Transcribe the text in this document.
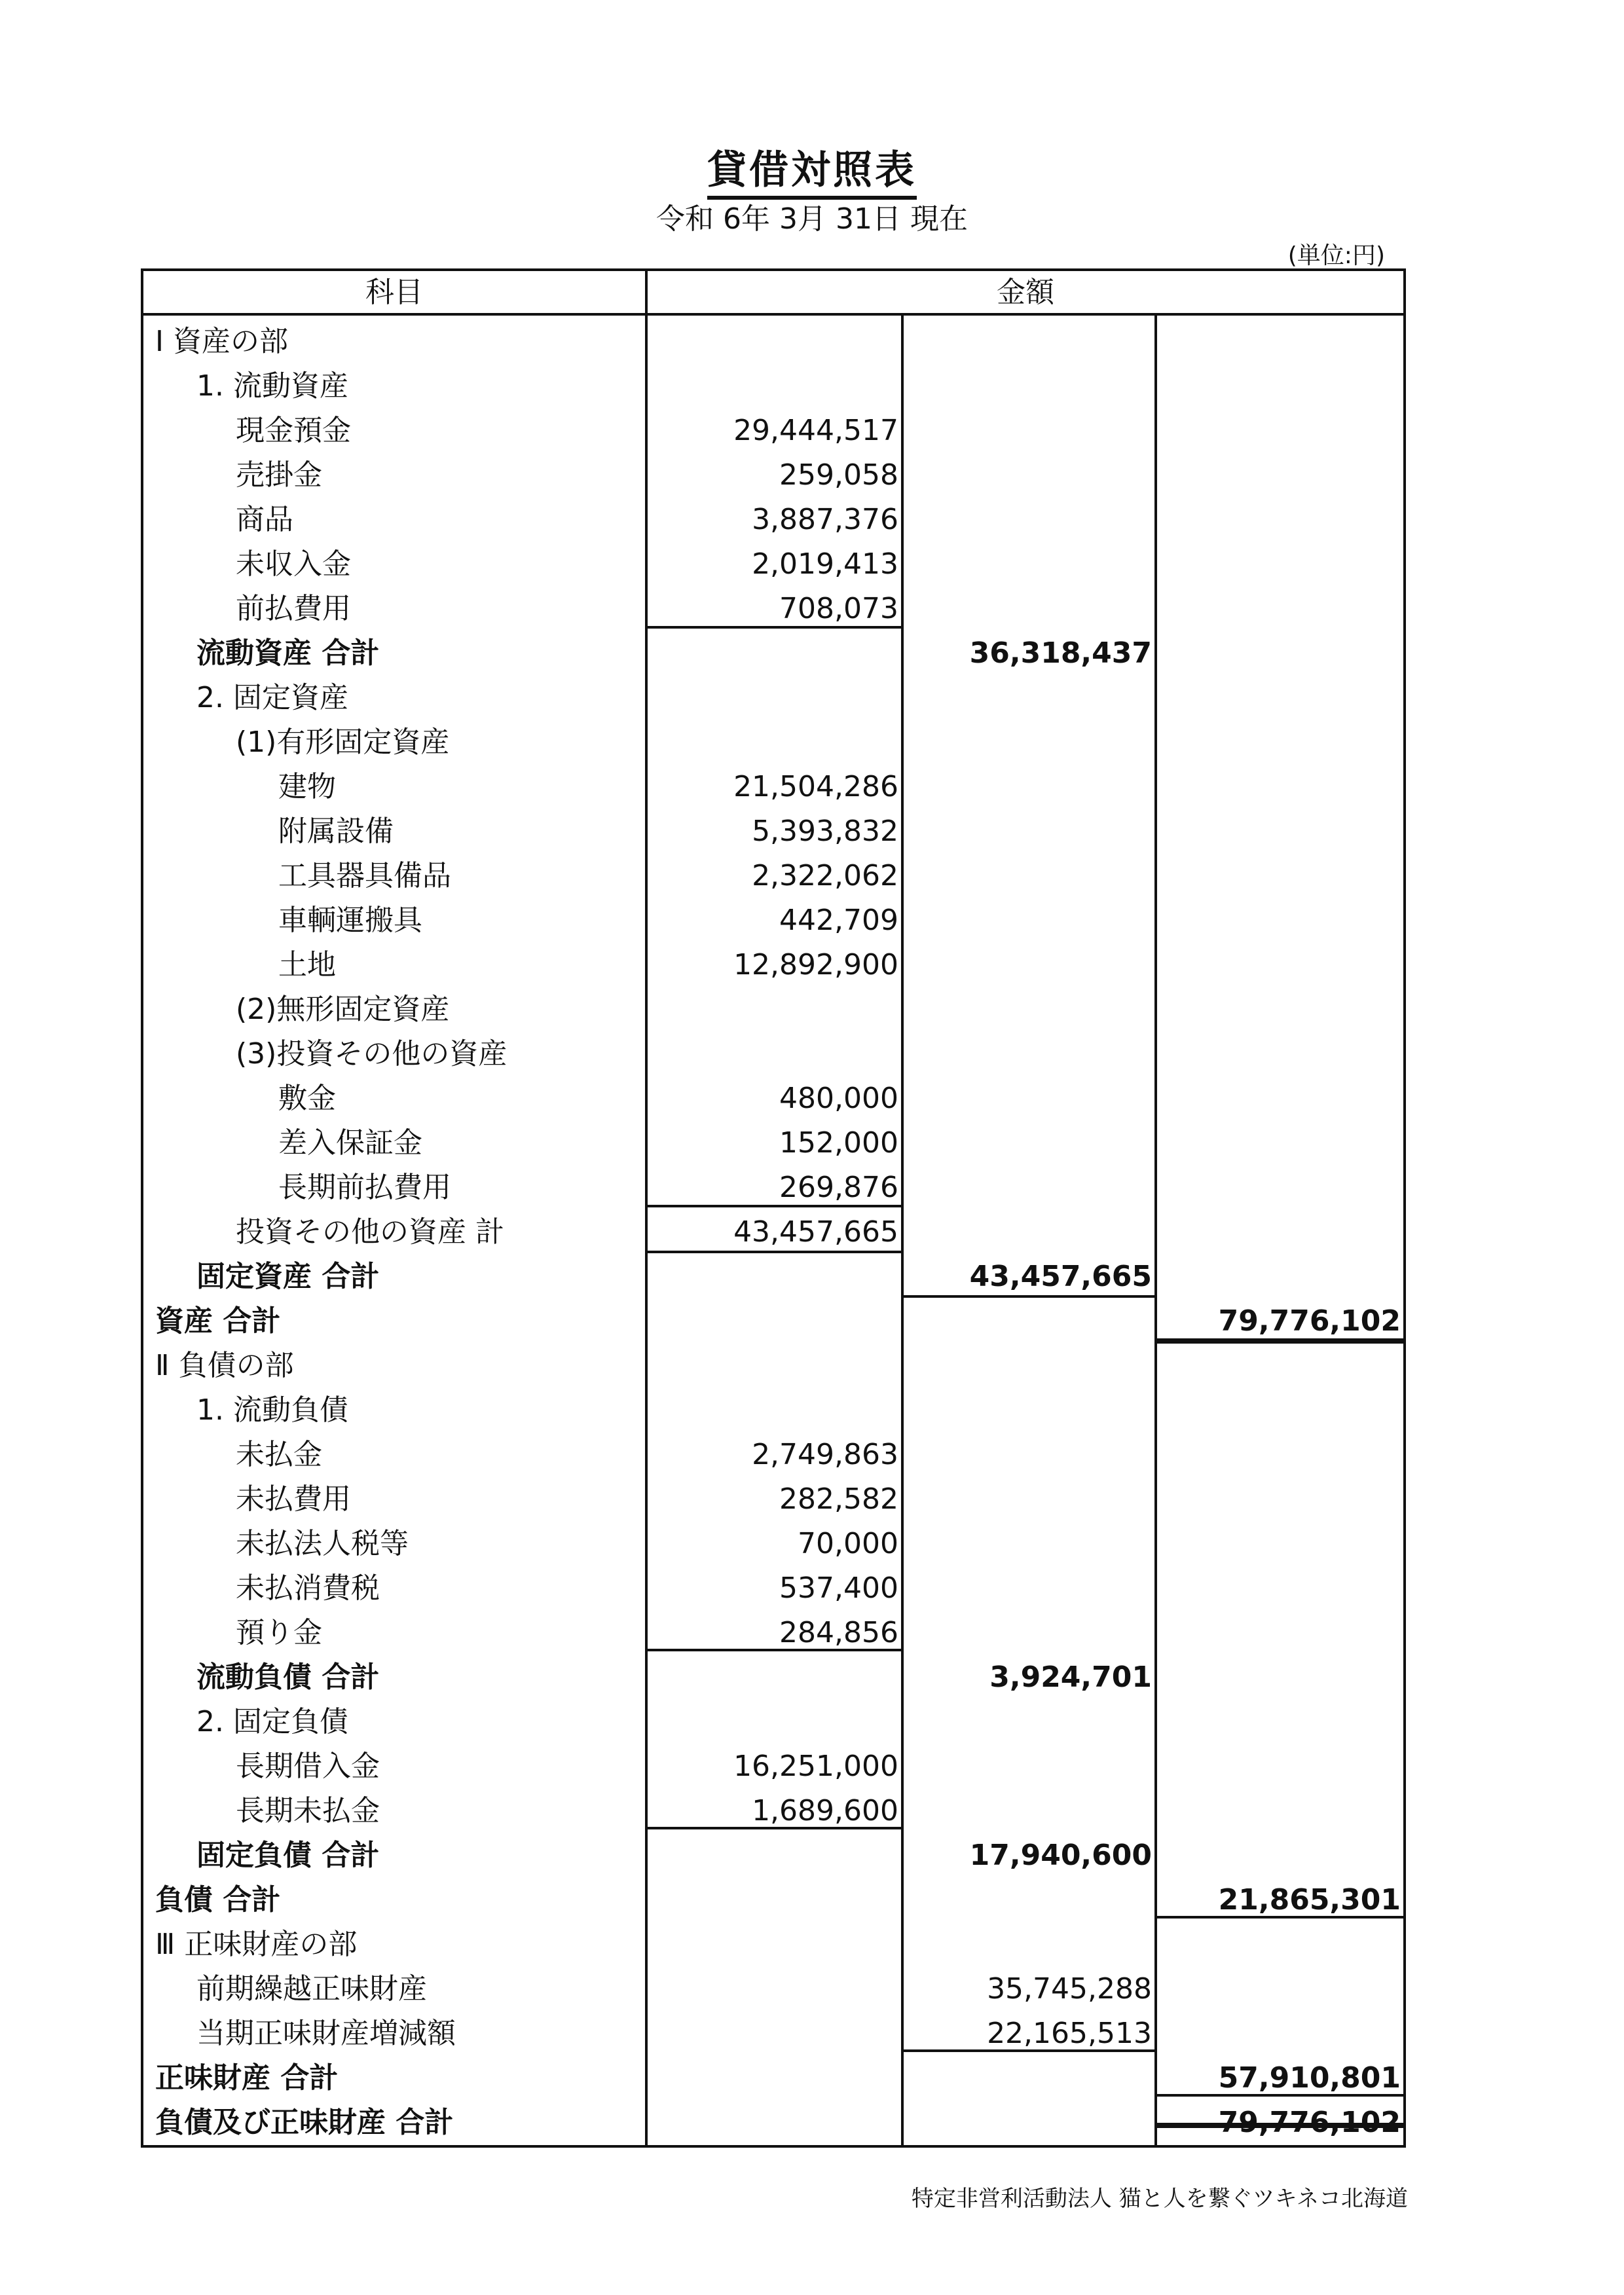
貸借対照表
令和 6年 3月 31日 現在
(単位:円)
科目	金額
Ⅰ 資産の部
1. 流動資産
現金預金	29,444,517
売掛金	259,058
商品	3,887,376
未収入金	2,019,413
前払費用	708,073
流動資産 合計	36,318,437
2. 固定資産
(1)有形固定資産
建物	21,504,286
附属設備	5,393,832
工具器具備品	2,322,062
車輌運搬具	442,709
土地	12,892,900
(2)無形固定資産
(3)投資その他の資産
敷金	480,000
差入保証金	152,000
長期前払費用	269,876
投資その他の資産 計	43,457,665
固定資産 合計	43,457,665
資産 合計	79,776,102
Ⅱ 負債の部
1. 流動負債
未払金	2,749,863
未払費用	282,582
未払法人税等	70,000
未払消費税	537,400
預り金	284,856
流動負債 合計	3,924,701
2. 固定負債
長期借入金	16,251,000
長期未払金	1,689,600
固定負債 合計	17,940,600
負債 合計	21,865,301
Ⅲ 正味財産の部
前期繰越正味財産	35,745,288
当期正味財産増減額	22,165,513
正味財産 合計	57,910,801
負債及び正味財産 合計	79,776,102
特定非営利活動法人 猫と人を繋ぐツキネコ北海道
